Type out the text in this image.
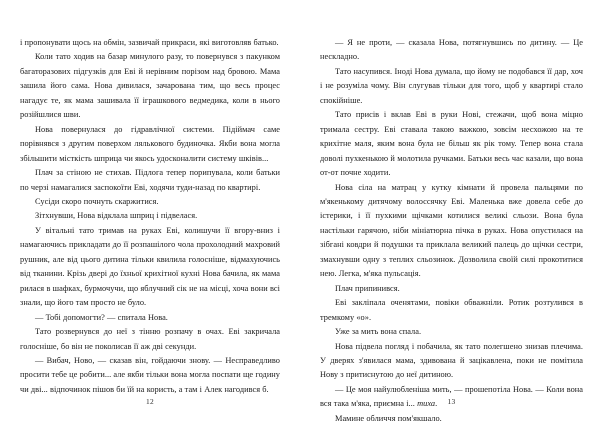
і пропонувати щось на обмін, зазвичай прикраси, які виготовляв батько.

Коли тато ходив на базар минулого разу, то повернувся з пакунком багаторазових підгузків для Еві й нерівним порізом над бровою. Мама зашила його сама. Нова дивилася, зачарована тим, що весь процес нагадує те, як мама зашивала її іграшкового ведмедика, коли в нього розійшлися шви.

Нова повернулася до гідравлічної системи. Підіймач саме порівнявся з другим поверхом лялькового будиночка. Якби вона могла збільшити місткість шприца чи якось удосконалити систему шківів...

Плач за стіною не стихав. Підлога тепер порипувала, коли батьки по черзі намагалися заспокоїти Еві, ходячи туди-назад по квартирі.

Сусіди скоро почнуть скаржитися.

Зітхнувши, Нова відклала шприц і підвелася.

У вітальні тато тримав на руках Еві, колишучи її вгору-вниз і намагаючись прикладати до її розпашілого чола прохолодний махровий рушник, але від цього дитина тільки квилила голосніше, відмахуючись від тканини. Крізь двері до їхньої крихітної кухні Нова бачила, як мама рилася в шафках, бурмочучи, що яблучний сік не на місці, хоча вони всі знали, що його там просто не було.

— Тобі допомогти? — спитала Нова.

Тато розвернувся до неї з тінню розпачу в очах. Еві закричала голосніше, бо він не поколисав її аж дві секунди.

— Вибач, Ново, — сказав він, гойдаючи знову. — Несправедливо просити тебе це робити... але якби тільки вона могла поспати ще годину чи дві... відпочинок пішов би їй на користь, а там і Алек нагодився б.

12

— Я не проти, — сказала Нова, потягнувшись по дитину. — Це нескладно.

Тато насупився. Іноді Нова думала, що йому не подобався її дар, хоч і не розуміла чому. Він слугував тільки для того, щоб у квартирі стало спокійніше.

Тато присів і вклав Еві в руки Нові, стежачи, щоб вона міцно тримала сестру. Еві ставала такою важкою, зовсім несхожою на те крихітне маля, яким вона була не більш як рік тому. Тепер вона стала доволі пухкенькою й молотила ручками. Батьки весь час казали, що вона от-от почне ходити.

Нова сіла на матрац у кутку кімнати й провела пальцями по м'якенькому дитячому волоссячку Еві. Маленька вже довела себе до істерики, і її пухкими щічками котилися великі сльози. Вона була настільки гарячою, ніби мініатюрна пічка в руках. Нова опустилася на зібгані ковдри й подушки та приклала великий палець до щічки сестри, змахнувши одну з теплих сльозинок. Дозволила своїй силі прокотитися нею. Легка, м'яка пульсація.

Плач припинився.

Еві закліпала оченятами, повіки обважніли. Ротик розтулився в тремкому «о».

Уже за мить вона спала.

Нова підвела погляд і побачила, як тато полегшено знизав плечима. У дверях з'явилася мама, здивована й зацікавлена, поки не помітила Нову з притиснутою до неї дитиною.

— Це моя найулюбленіша мить, — прошепотіла Нова. — Коли вона вся така м'яка, приємна і... тиха.

Мамине обличчя пом'якшало.

13
